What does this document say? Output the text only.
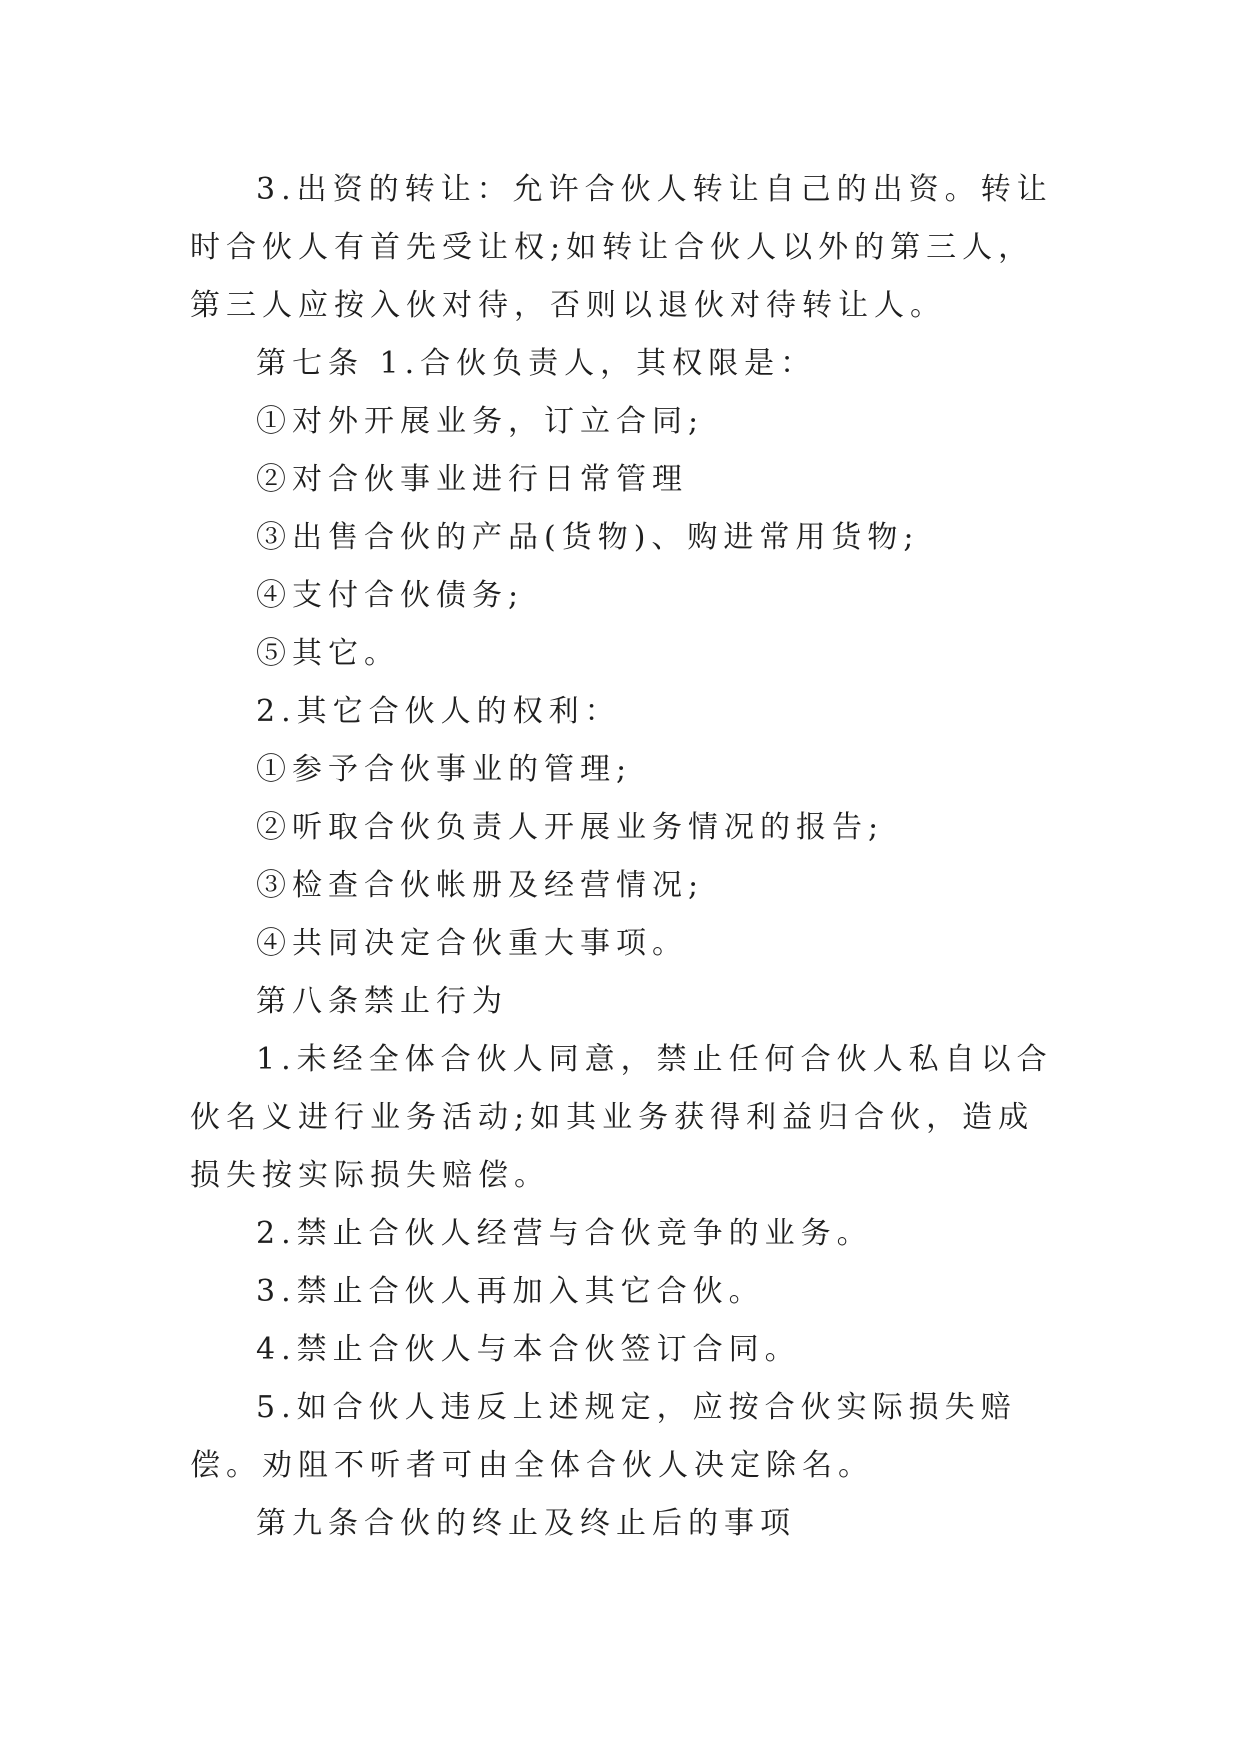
3.出资的转让：允许合伙人转让自己的出资。转让时合伙人有首先受让权;如转让合伙人以外的第三人，第三人应按入伙对待，否则以退伙对待转让人。

第七条 1.合伙负责人，其权限是：

①对外开展业务，订立合同;

②对合伙事业进行日常管理

③出售合伙的产品(货物)、购进常用货物;

④支付合伙债务;

⑤其它。

2.其它合伙人的权利：

①参予合伙事业的管理;

②听取合伙负责人开展业务情况的报告;

③检查合伙帐册及经营情况;

④共同决定合伙重大事项。

第八条禁止行为

1.未经全体合伙人同意，禁止任何合伙人私自以合伙名义进行业务活动;如其业务获得利益归合伙，造成损失按实际损失赔偿。

2.禁止合伙人经营与合伙竞争的业务。

3.禁止合伙人再加入其它合伙。

4.禁止合伙人与本合伙签订合同。

5.如合伙人违反上述规定，应按合伙实际损失赔偿。劝阻不听者可由全体合伙人决定除名。

第九条合伙的终止及终止后的事项
